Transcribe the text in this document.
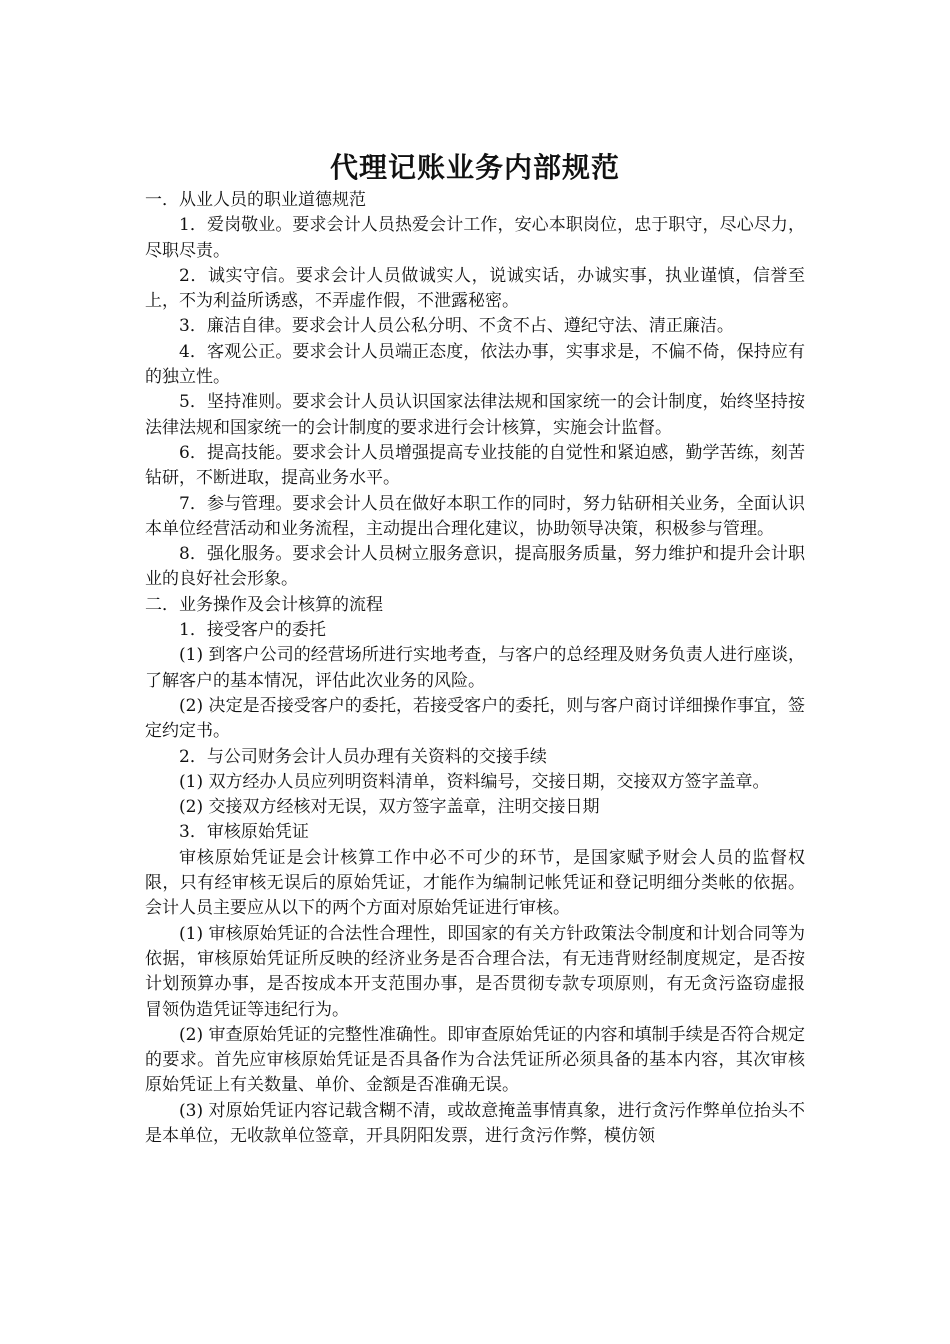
代理记账业务内部规范

一．从业人员的职业道德规范

1．爱岗敬业。要求会计人员热爱会计工作，安心本职岗位，忠于职守，尽心尽力，尽职尽责。

2．诚实守信。要求会计人员做诚实人，说诚实话，办诚实事，执业谨慎，信誉至上，不为利益所诱惑，不弄虚作假，不泄露秘密。

3．廉洁自律。要求会计人员公私分明、不贪不占、遵纪守法、清正廉洁。

4．客观公正。要求会计人员端正态度，依法办事，实事求是，不偏不倚，保持应有的独立性。

5．坚持准则。要求会计人员认识国家法律法规和国家统一的会计制度，始终坚持按法律法规和国家统一的会计制度的要求进行会计核算，实施会计监督。

6．提高技能。要求会计人员增强提高专业技能的自觉性和紧迫感，勤学苦练，刻苦钻研，不断进取，提高业务水平。

7．参与管理。要求会计人员在做好本职工作的同时，努力钻研相关业务，全面认识本单位经营活动和业务流程，主动提出合理化建议，协助领导决策，积极参与管理。

8．强化服务。要求会计人员树立服务意识，提高服务质量，努力维护和提升会计职业的良好社会形象。

二．业务操作及会计核算的流程

1．接受客户的委托

(1) 到客户公司的经营场所进行实地考查，与客户的总经理及财务负责人进行座谈，了解客户的基本情况，评估此次业务的风险。

(2) 决定是否接受客户的委托，若接受客户的委托，则与客户商讨详细操作事宜，签定约定书。

2．与公司财务会计人员办理有关资料的交接手续

(1) 双方经办人员应列明资料清单，资料编号，交接日期，交接双方签字盖章。

(2) 交接双方经核对无误，双方签字盖章，注明交接日期

3．审核原始凭证

审核原始凭证是会计核算工作中必不可少的环节，是国家赋予财会人员的监督权限，只有经审核无误后的原始凭证，才能作为编制记帐凭证和登记明细分类帐的依据。会计人员主要应从以下的两个方面对原始凭证进行审核。

(1) 审核原始凭证的合法性合理性，即国家的有关方针政策法令制度和计划合同等为依据，审核原始凭证所反映的经济业务是否合理合法，有无违背财经制度规定，是否按计划预算办事，是否按成本开支范围办事，是否贯彻专款专项原则，有无贪污盗窃虚报冒领伪造凭证等违纪行为。

(2) 审查原始凭证的完整性准确性。即审查原始凭证的内容和填制手续是否符合规定的要求。首先应审核原始凭证是否具备作为合法凭证所必须具备的基本内容，其次审核原始凭证上有关数量、单价、金额是否准确无误。

(3) 对原始凭证内容记载含糊不清，或故意掩盖事情真象，进行贪污作弊单位抬头不是本单位，无收款单位签章，开具阴阳发票，进行贪污作弊，模仿领
